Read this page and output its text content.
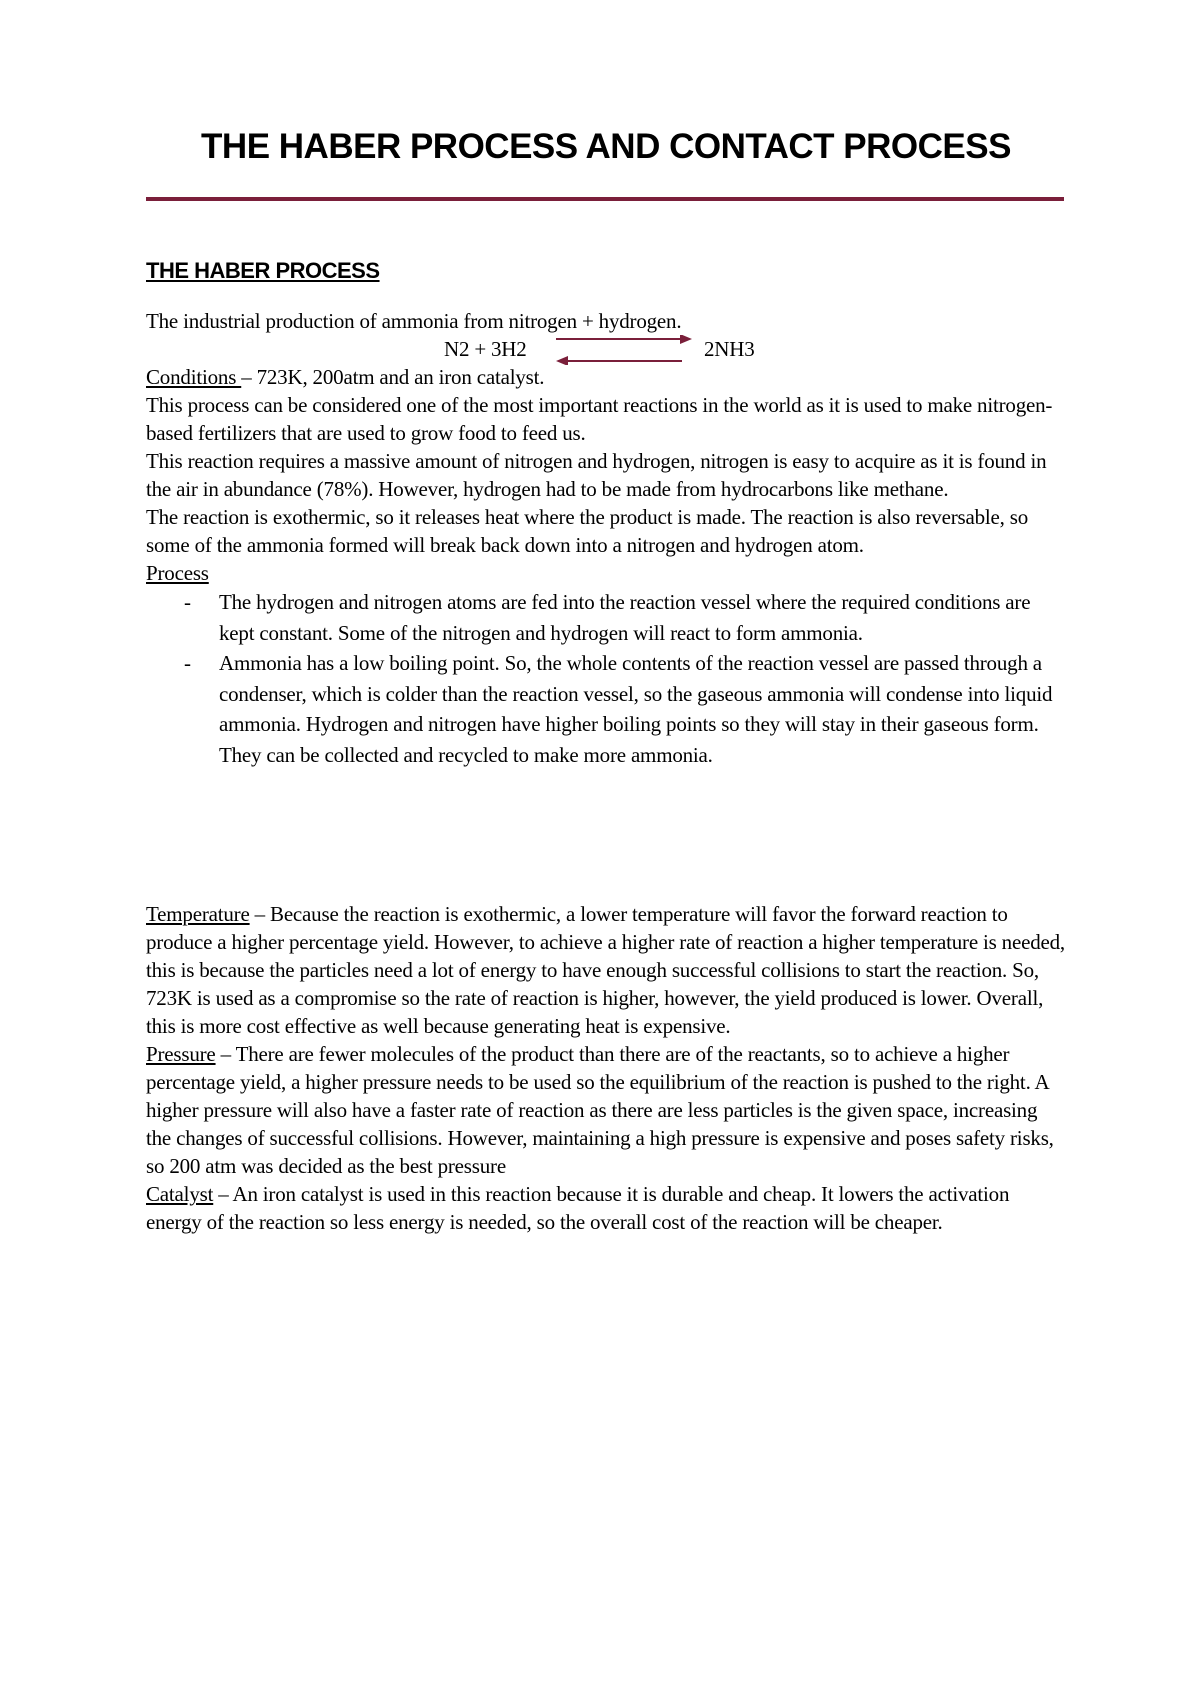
THE HABER PROCESS AND CONTACT PROCESS
THE HABER PROCESS

The industrial production of ammonia from nitrogen + hydrogen.

N2 + 3H2	2NH3

Conditions – 723K, 200atm and an iron catalyst.

This process can be considered one of the most important reactions in the world as it is used to make nitrogen-based fertilizers that are used to grow food to feed us.

This reaction requires a massive amount of nitrogen and hydrogen, nitrogen is easy to acquire as it is found in the air in abundance (78%). However, hydrogen had to be made from hydrocarbons like methane.

The reaction is exothermic, so it releases heat where the product is made. The reaction is also reversable, so some of the ammonia formed will break back down into a nitrogen and hydrogen atom.

Process

- The hydrogen and nitrogen atoms are fed into the reaction vessel where the required conditions are kept constant. Some of the nitrogen and hydrogen will react to form ammonia.
- Ammonia has a low boiling point. So, the whole contents of the reaction vessel are passed through a condenser, which is colder than the reaction vessel, so the gaseous ammonia will condense into liquid ammonia. Hydrogen and nitrogen have higher boiling points so they will stay in their gaseous form. They can be collected and recycled to make more ammonia.

Temperature – Because the reaction is exothermic, a lower temperature will favor the forward reaction to produce a higher percentage yield. However, to achieve a higher rate of reaction a higher temperature is needed, this is because the particles need a lot of energy to have enough successful collisions to start the reaction. So, 723K is used as a compromise so the rate of reaction is higher, however, the yield produced is lower. Overall, this is more cost effective as well because generating heat is expensive.

Pressure – There are fewer molecules of the product than there are of the reactants, so to achieve a higher percentage yield, a higher pressure needs to be used so the equilibrium of the reaction is pushed to the right. A higher pressure will also have a faster rate of reaction as there are less particles is the given space, increasing the changes of successful collisions. However, maintaining a high pressure is expensive and poses safety risks, so 200 atm was decided as the best pressure

Catalyst – An iron catalyst is used in this reaction because it is durable and cheap. It lowers the activation energy of the reaction so less energy is needed, so the overall cost of the reaction will be cheaper.
